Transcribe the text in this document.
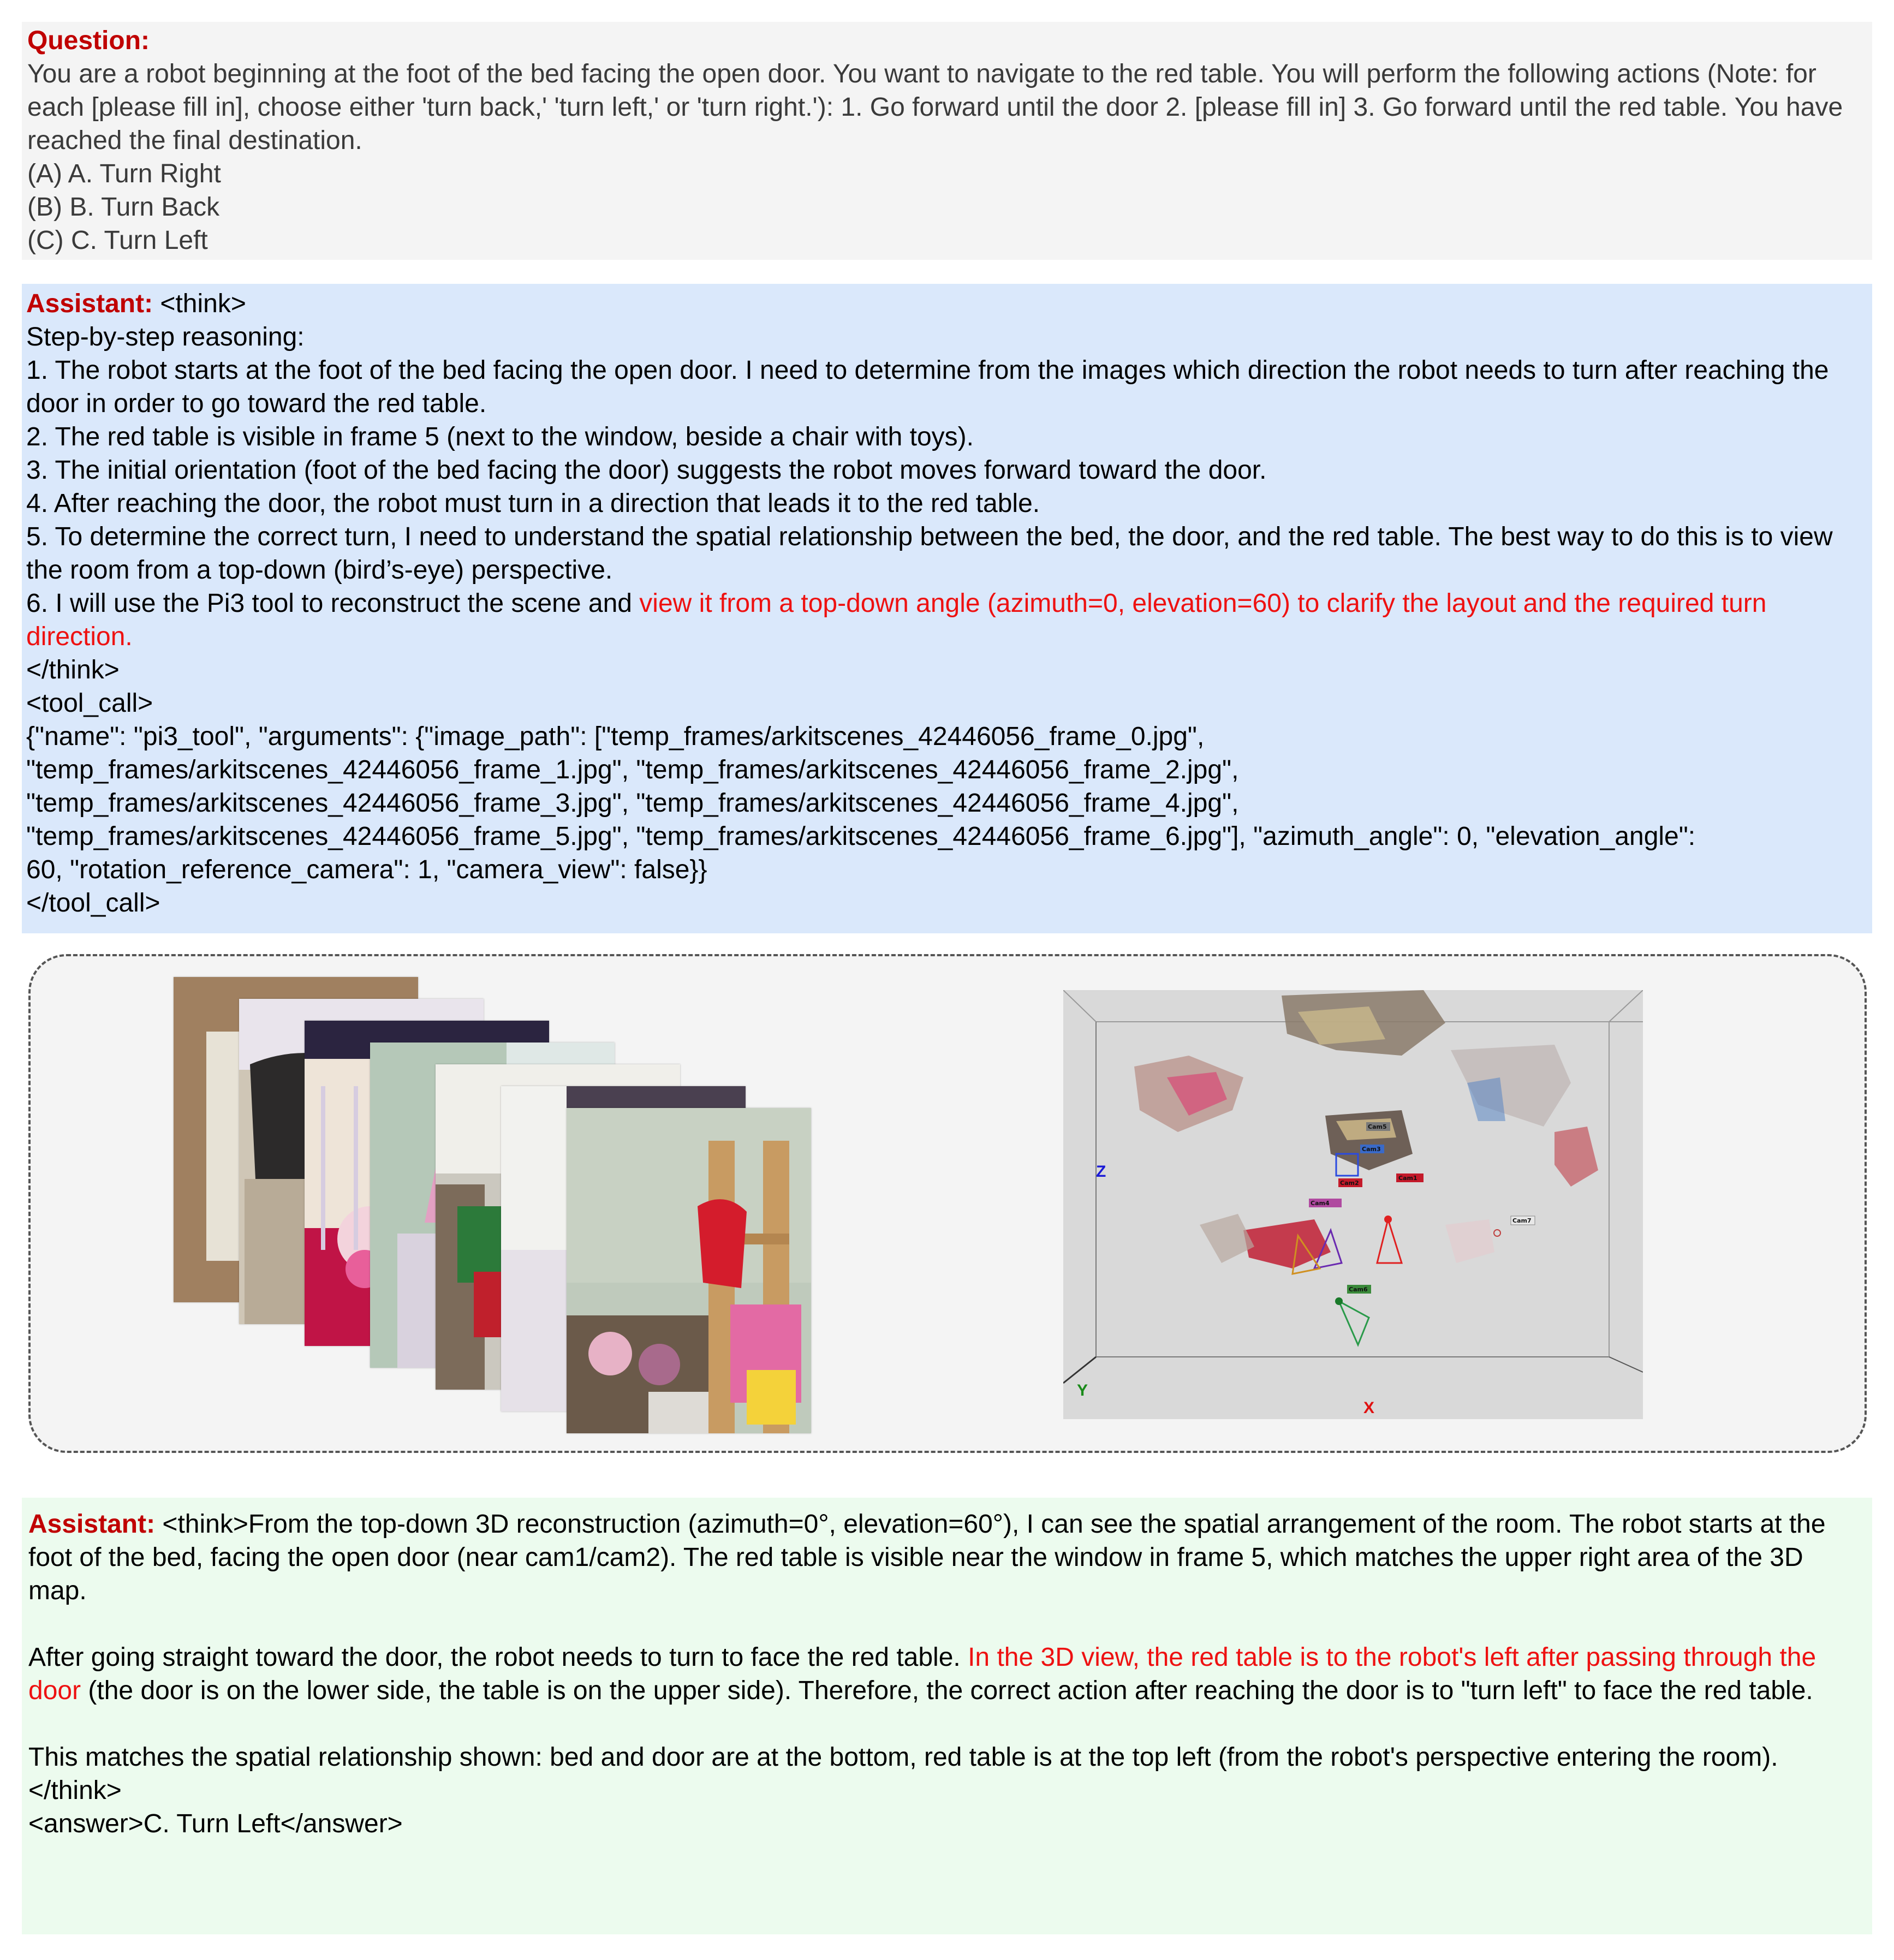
Question:
You are a robot beginning at the foot of the bed facing the open door. You want to navigate to the red table. You will perform the following actions (Note: for each [please fill in], choose either 'turn back,' 'turn left,' or 'turn right.'): 1. Go forward until the door 2. [please fill in] 3. Go forward until the red table. You have reached the final destination.
(A) A. Turn Right
(B) B. Turn Back
(C) C. Turn Left
Assistant: <think>
Step-by-step reasoning:
1. The robot starts at the foot of the bed facing the open door. I need to determine from the images which direction the robot needs to turn after reaching the door in order to go toward the red table.
2. The red table is visible in frame 5 (next to the window, beside a chair with toys).
3. The initial orientation (foot of the bed facing the door) suggests the robot moves forward toward the door.
4. After reaching the door, the robot must turn in a direction that leads it to the red table.
5. To determine the correct turn, I need to understand the spatial relationship between the bed, the door, and the red table. The best way to do this is to view the room from a top-down (bird’s-eye) perspective.
6. I will use the Pi3 tool to reconstruct the scene and view it from a top-down angle (azimuth=0, elevation=60) to clarify the layout and the required turn direction.
</think>
<tool_call>
{"name": "pi3_tool", "arguments": {"image_path": ["temp_frames/arkitscenes_42446056_frame_0.jpg",
"temp_frames/arkitscenes_42446056_frame_1.jpg", "temp_frames/arkitscenes_42446056_frame_2.jpg",
"temp_frames/arkitscenes_42446056_frame_3.jpg", "temp_frames/arkitscenes_42446056_frame_4.jpg",
"temp_frames/arkitscenes_42446056_frame_5.jpg", "temp_frames/arkitscenes_42446056_frame_6.jpg"], "azimuth_angle": 0, "elevation_angle":
60, "rotation_reference_camera": 1, "camera_view": false}}
</tool_call>
Cam1
Cam2
Cam3
Cam4
Cam5
Cam6
Cam7
Z
Y
X
Assistant: <think>From the top-down 3D reconstruction (azimuth=0°, elevation=60°), I can see the spatial arrangement of the room. The robot starts at the foot of the bed, facing the open door (near cam1/cam2). The red table is visible near the window in frame 5, which matches the upper right area of the 3D map.
After going straight toward the door, the robot needs to turn to face the red table. In the 3D view, the red table is to the robot's left after passing through the door (the door is on the lower side, the table is on the upper side). Therefore, the correct action after reaching the door is to "turn left" to face the red table.
This matches the spatial relationship shown: bed and door are at the bottom, red table is at the top left (from the robot's perspective entering the room).
</think>
<answer>C. Turn Left</answer>
